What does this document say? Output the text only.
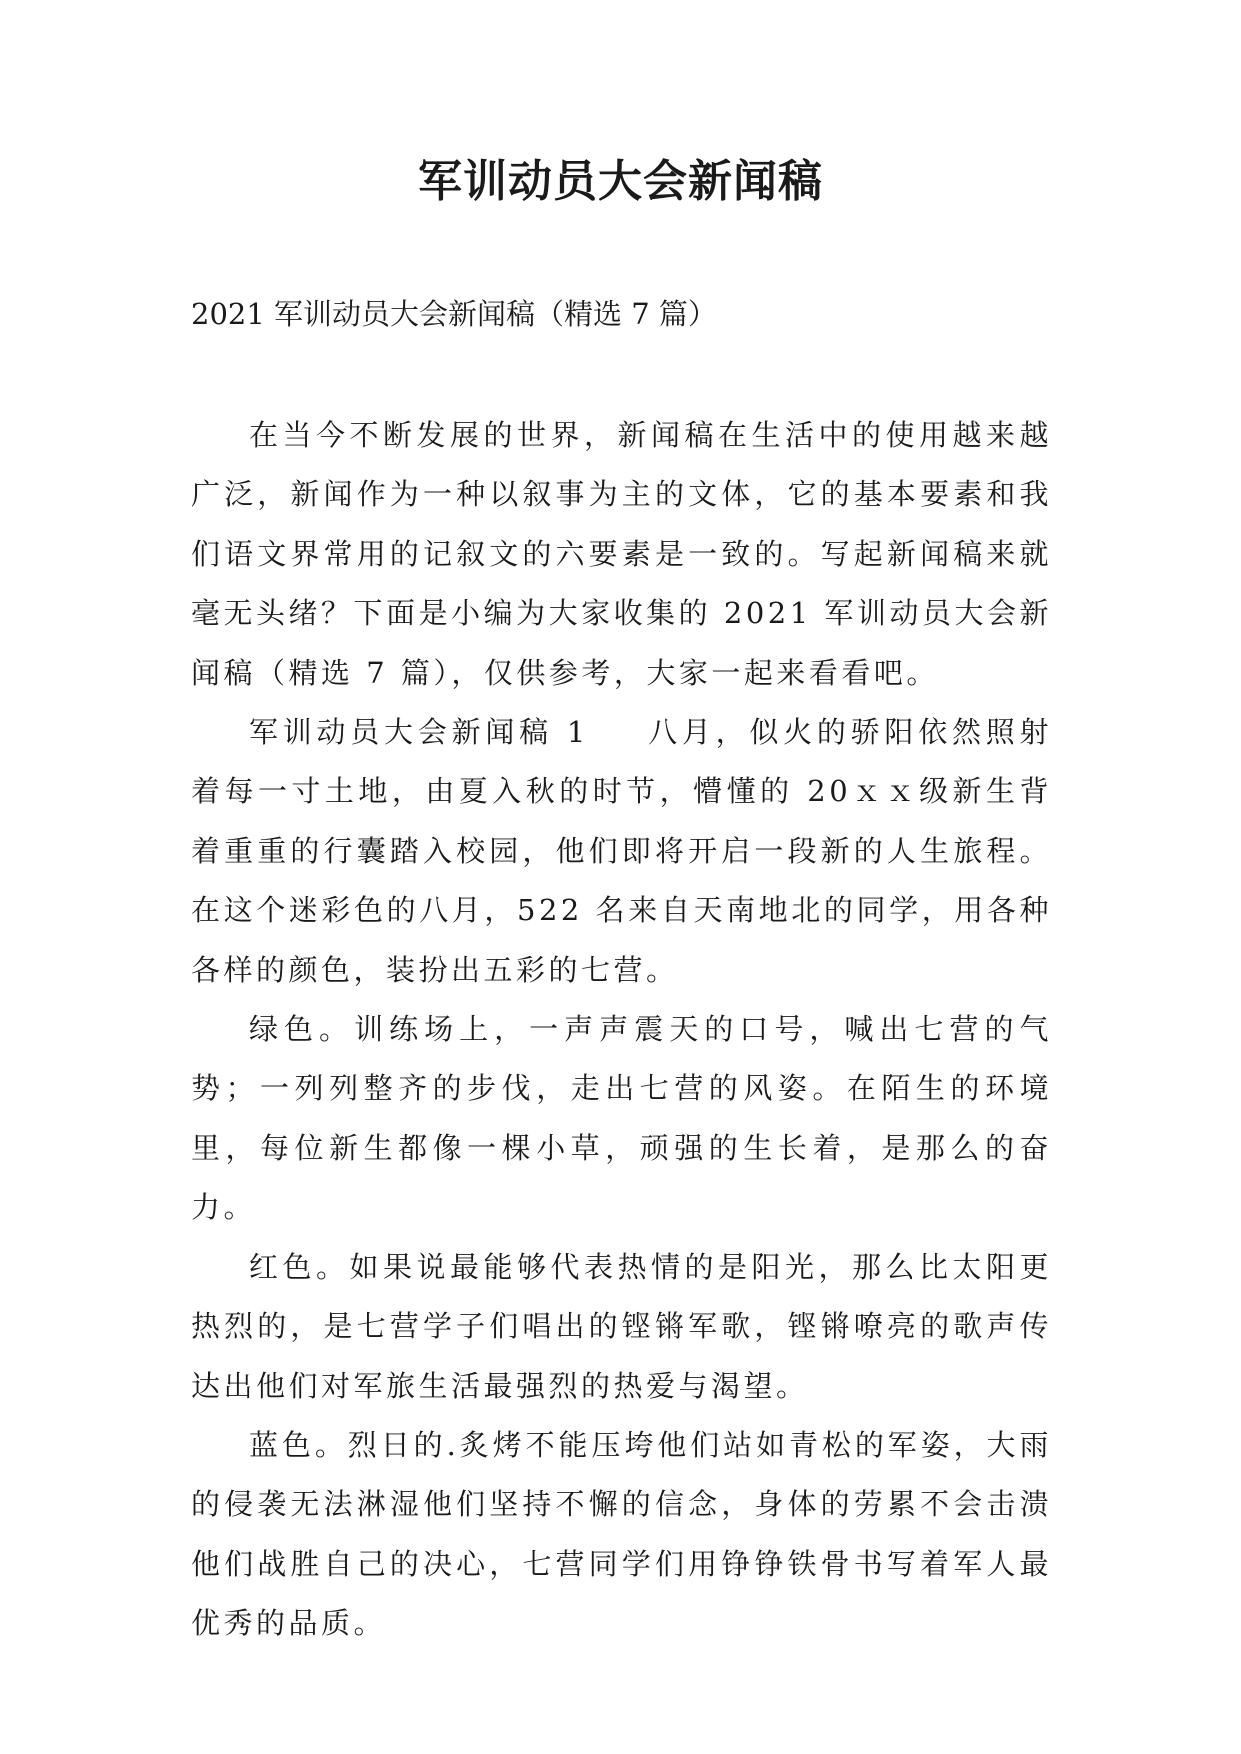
军训动员大会新闻稿
2021 军训动员大会新闻稿（精选 7 篇）

在当今不断发展的世界，新闻稿在生活中的使用越来越广泛，新闻作为一种以叙事为主的文体，它的基本要素和我们语文界常用的记叙文的六要素是一致的。写起新闻稿来就毫无头绪？下面是小编为大家收集的 2021 军训动员大会新闻稿（精选 7 篇），仅供参考，大家一起来看看吧。

军训动员大会新闻稿 1 八月，似火的骄阳依然照射着每一寸土地，由夏入秋的时节，懵懂的 20ｘｘ级新生背着重重的行囊踏入校园，他们即将开启一段新的人生旅程。在这个迷彩色的八月，522 名来自天南地北的同学，用各种各样的颜色，装扮出五彩的七营。

绿色。训练场上，一声声震天的口号，喊出七营的气势；一列列整齐的步伐，走出七营的风姿。在陌生的环境里，每位新生都像一棵小草，顽强的生长着，是那么的奋力。

红色。如果说最能够代表热情的是阳光，那么比太阳更热烈的，是七营学子们唱出的铿锵军歌，铿锵嘹亮的歌声传达出他们对军旅生活最强烈的热爱与渴望。

蓝色。烈日的.炙烤不能压垮他们站如青松的军姿，大雨的侵袭无法淋湿他们坚持不懈的信念，身体的劳累不会击溃他们战胜自己的决心，七营同学们用铮铮铁骨书写着军人最优秀的品质。
